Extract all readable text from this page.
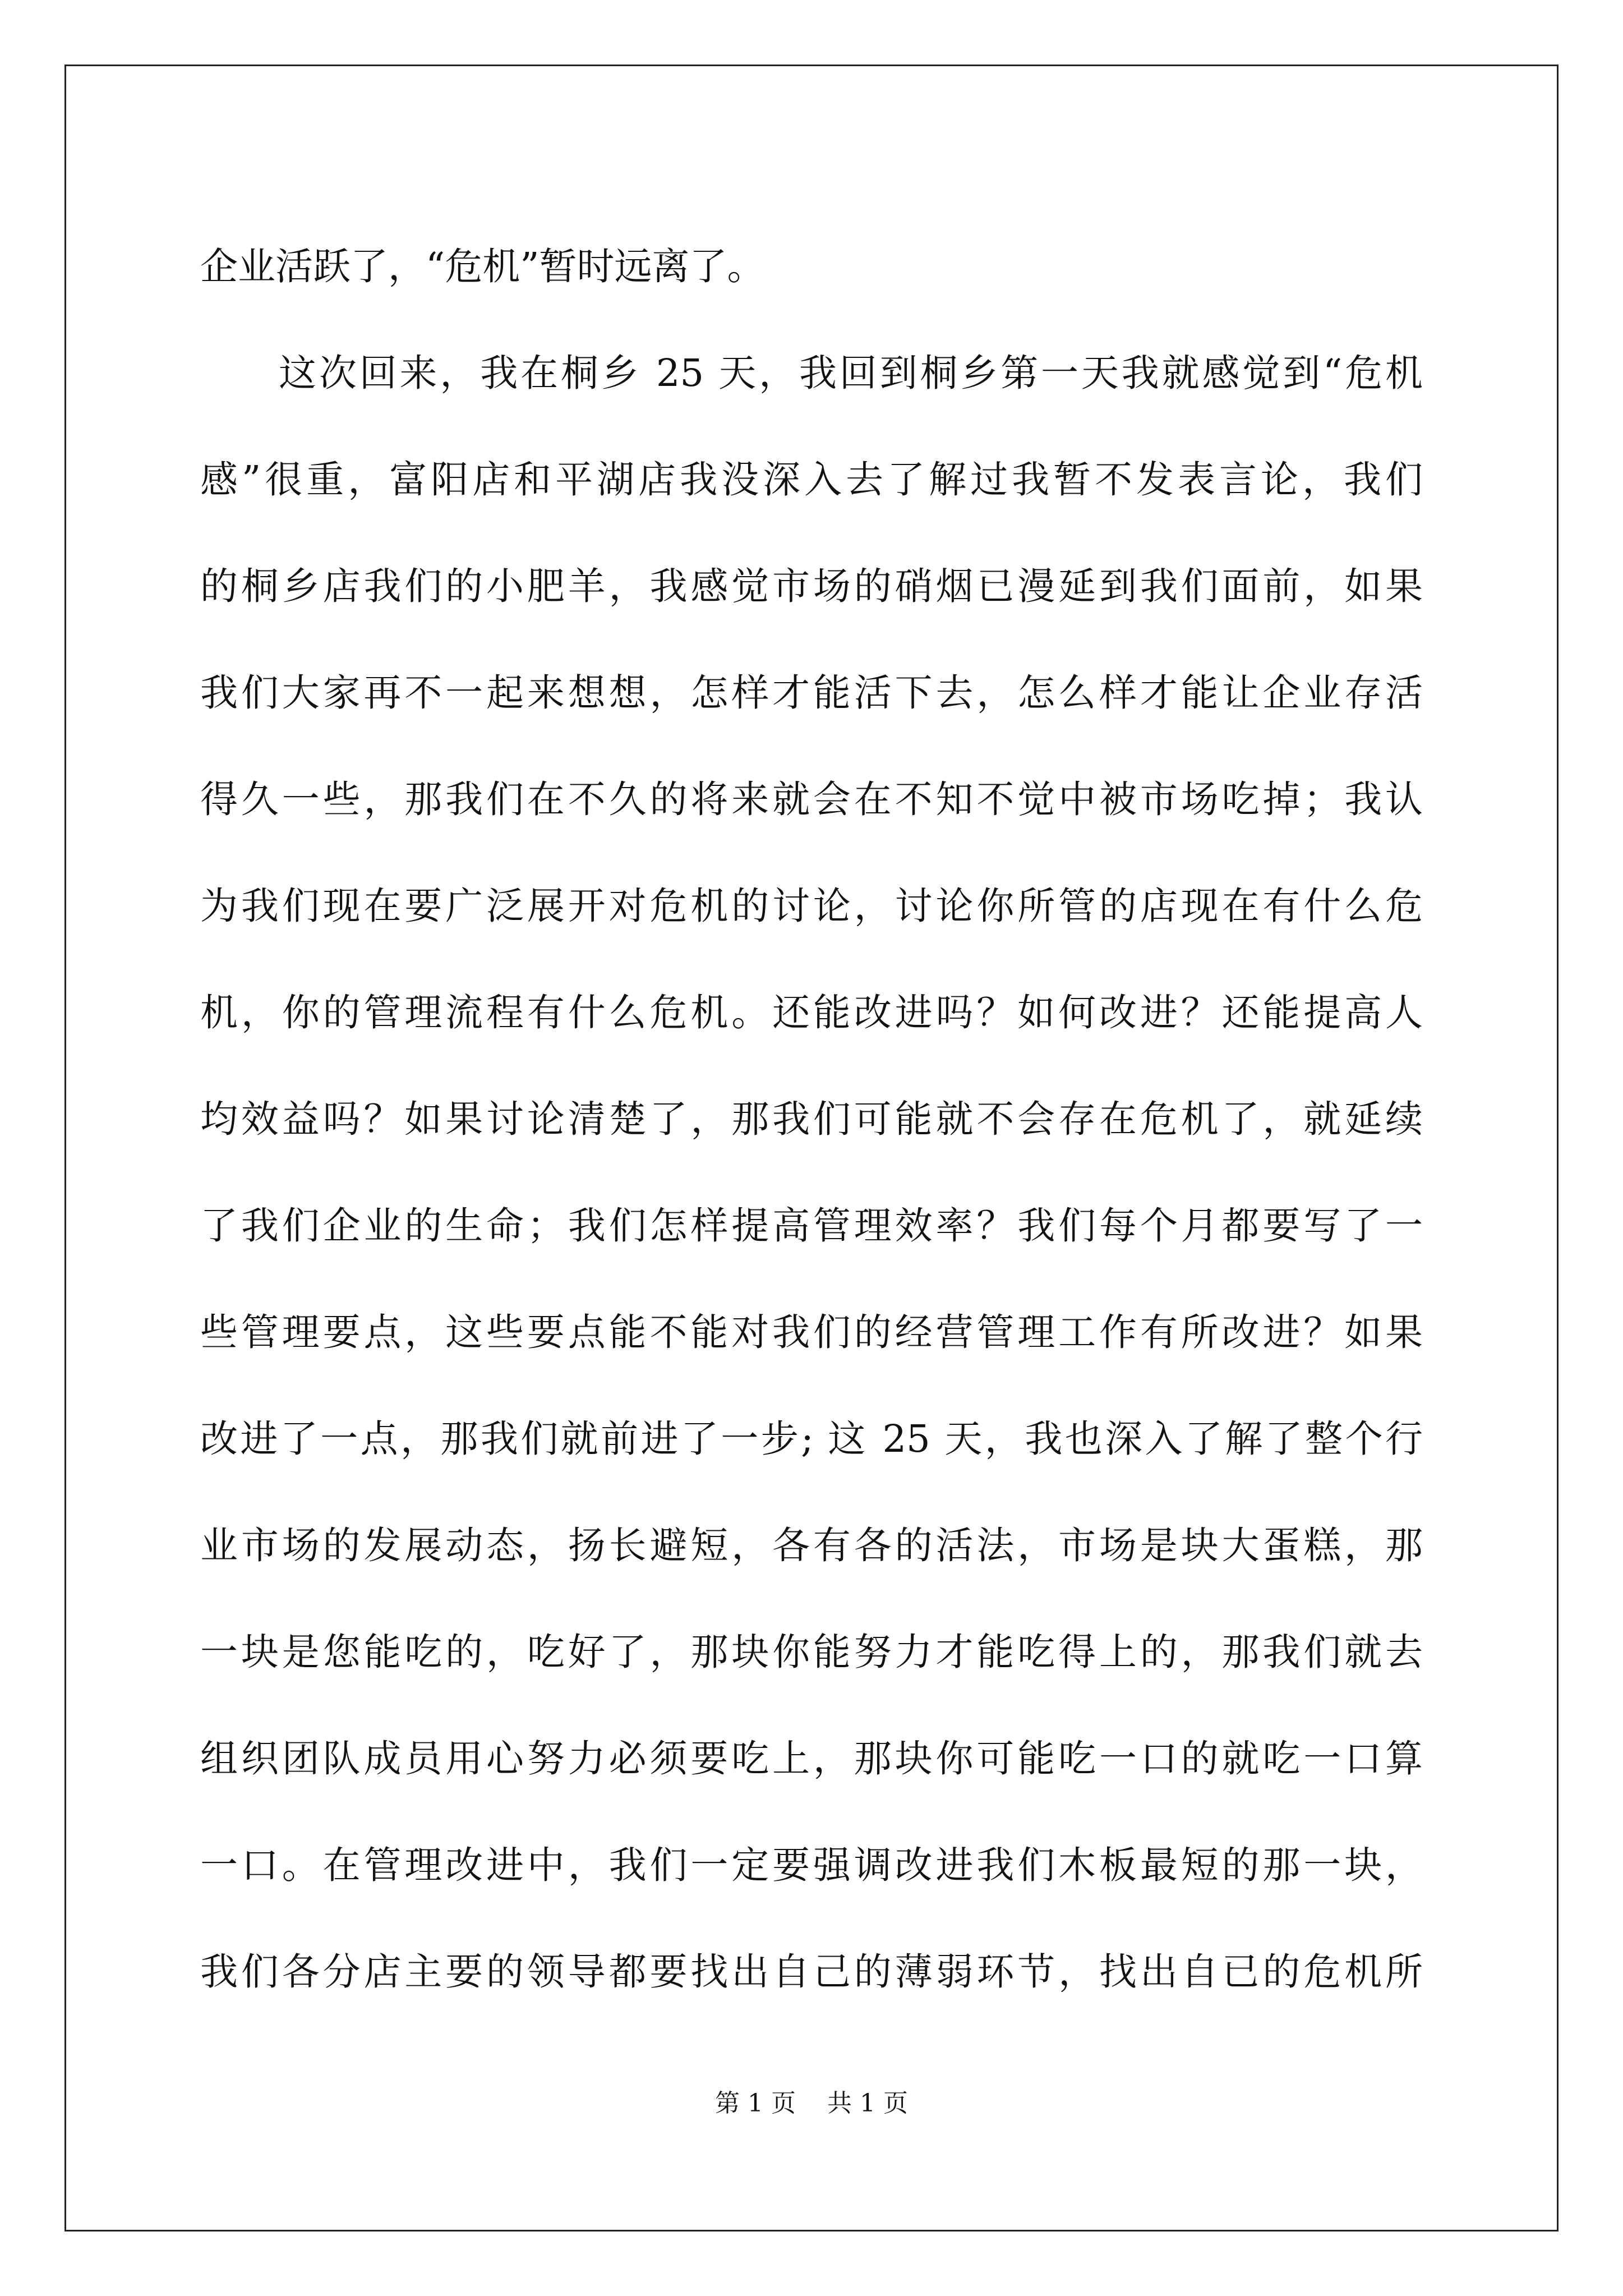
企业活跃了，“危机”暂时远离了。
这次回来，我在桐乡 25 天，我回到桐乡第一天我就感觉到“危机
感”很重，富阳店和平湖店我没深入去了解过我暂不发表言论，我们
的桐乡店我们的小肥羊，我感觉市场的硝烟已漫延到我们面前，如果
我们大家再不一起来想想，怎样才能活下去，怎么样才能让企业存活
得久一些，那我们在不久的将来就会在不知不觉中被市场吃掉；我认
为我们现在要广泛展开对危机的讨论，讨论你所管的店现在有什么危
机，你的管理流程有什么危机。还能改进吗？如何改进？还能提高人
均效益吗？如果讨论清楚了，那我们可能就不会存在危机了，就延续
了我们企业的生命；我们怎样提高管理效率？我们每个月都要写了一
些管理要点，这些要点能不能对我们的经营管理工作有所改进？如果
改进了一点，那我们就前进了一步; 这 25 天，我也深入了解了整个行
业市场的发展动态，扬长避短，各有各的活法，市场是块大蛋糕，那
一块是您能吃的，吃好了，那块你能努力才能吃得上的，那我们就去
组织团队成员用心努力必须要吃上，那块你可能吃一口的就吃一口算
一口。在管理改进中，我们一定要强调改进我们木板最短的那一块，
我们各分店主要的领导都要找出自己的薄弱环节，找出自已的危机所
第 1 页 共 1 页
